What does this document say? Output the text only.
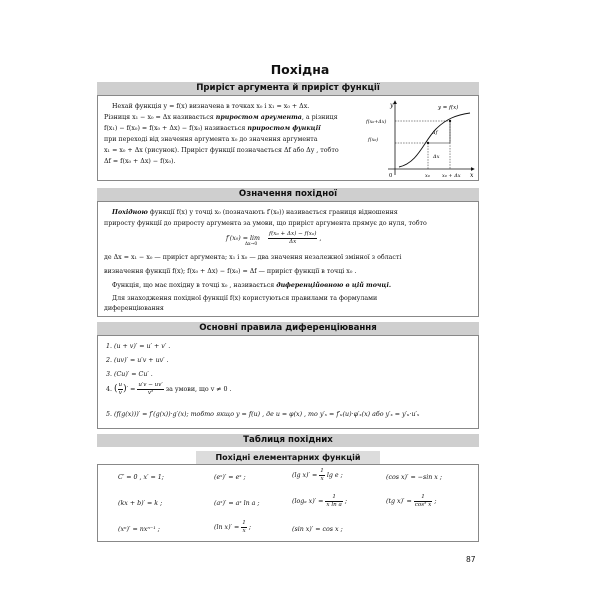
Похідна
Приріст аргумента й приріст функції
Нехай функція y = f(x) визначена в точках x₀ і x₁ = x₀ + Δx.
Різниця x₁ − x₀ = Δx називається приростом аргумента, а різниця
f(x₁) − f(x₀) = f(x₀ + Δx) − f(x₀) називається приростом функції
при переході від значення аргумента x₀ до значення аргумента
x₁ = x₀ + Δx (рисунок). Приріст функції позначається Δf або Δy , тобто
Δf = f(x₀ + Δx) − f(x₀).
y
x
y = f(x)
f(x₀+Δx)
Δf
f(x₀)
Δx
0	x₀ x₀ + Δx
Означення похідної
Похідною функції f(x) у точці x₀ (позначають f′(x₀)) називається границя відношення
приросту функції до приросту аргумента за умови, що приріст аргумента прямує до нуля, тобто
$f'(x_0) = \lim\Delta x\to 0 \frac{\text{f(x₀ + Δx) − f(x₀)}}{\Delta x}$ ,
де Δx = x₁ − x₀ — приріст аргумента; x₁ і x₀ — два значення незалежної змінної з області
визначення функції f(x); f(x₀ + Δx) − f(x₀) = Δf — приріст функції в точці x₀ .
Функція, що має похідну в точці x₀ , називається диференційовною в цій точці.
Для знаходження похідної функції f(x) користуються правилами та формулами
диференціювання
Основні правила диференціювання
1. (u + v)′ = u′ + v′ .
2. (uv)′ = u′v + uv′ .
3. (Cu)′ = Cu′ .
4. ( $\frac{u}{v}$ )′ = $\frac{u'v - uv'}{\text{v²}}$ за умови, що v ≠ 0 .
5. (f(g(x)))′ = f′(g(x))·g′(x); тобто якщо y = f(u) , де u = φ(x) , то y′ₓ = f′ᵤ(u)·φ′ₓ(x) або y′ₓ = y′ᵤ·u′ₓ
Таблиця похідних
Похідні елементарних функцій
C′ = 0 , x′ = 1;	(eˣ)′ = eˣ ;	(lg $x)' = \frac{1}{x}$ lg e ;	(cos x)′ = −sin x ;
(kx + b)′ = k ;	(aˣ)′ = aˣ ln a ;	(logₐ $x)' = \frac{1}{\text{x ln a}}$ ;	(tg $x)' = \frac{1}{\text{cos² x}}$ ;
(xⁿ)′ = nxⁿ⁻¹ ;	(ln $x)' = \frac{1}{x}$ ;	(sin x)′ = cos x ;
87
